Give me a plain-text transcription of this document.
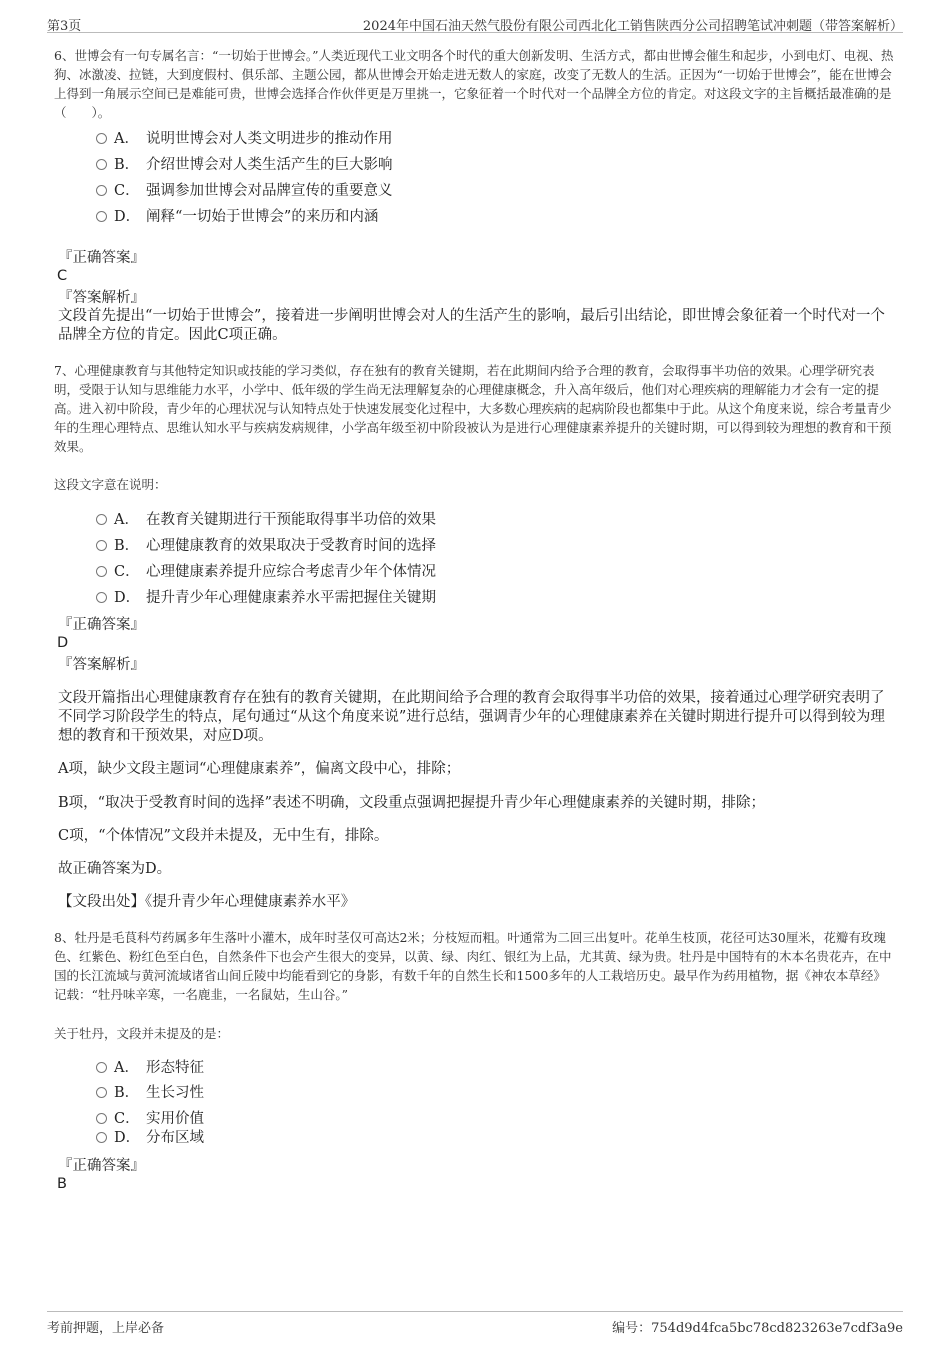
第3页	2024年中国石油天然气股份有限公司西北化工销售陕西分公司招聘笔试冲刺题（带答案解析）
6、世博会有一句专属名言：“一切始于世博会。”人类近现代工业文明各个时代的重大创新发明、生活方式，都由世博会催生和起步，小到电灯、电视、热狗、冰激凌、拉链，大到度假村、俱乐部、主题公园，都从世博会开始走进无数人的家庭，改变了无数人的生活。正因为“一切始于世博会”，能在世博会上得到一角展示空间已是难能可贵，世博会选择合作伙伴更是万里挑一，它象征着一个时代对一个品牌全方位的肯定。对这段文字的主旨概括最准确的是（　　）。
A． 说明世博会对人类文明进步的推动作用
B． 介绍世博会对人类生活产生的巨大影响
C． 强调参加世博会对品牌宣传的重要意义
D． 阐释“一切始于世博会”的来历和内涵
『正确答案』
C
『答案解析』
文段首先提出“一切始于世博会”，接着进一步阐明世博会对人的生活产生的影响，最后引出结论，即世博会象征着一个时代对一个品牌全方位的肯定。因此C项正确。
7、心理健康教育与其他特定知识或技能的学习类似，存在独有的教育关键期，若在此期间内给予合理的教育，会取得事半功倍的效果。心理学研究表明，受限于认知与思维能力水平，小学中、低年级的学生尚无法理解复杂的心理健康概念，升入高年级后，他们对心理疾病的理解能力才会有一定的提高。进入初中阶段，青少年的心理状况与认知特点处于快速发展变化过程中，大多数心理疾病的起病阶段也都集中于此。从这个角度来说，综合考量青少年的生理心理特点、思维认知水平与疾病发病规律，小学高年级至初中阶段被认为是进行心理健康素养提升的关键时期，可以得到较为理想的教育和干预效果。
这段文字意在说明：
A． 在教育关键期进行干预能取得事半功倍的效果
B． 心理健康教育的效果取决于受教育时间的选择
C． 心理健康素养提升应综合考虑青少年个体情况
D． 提升青少年心理健康素养水平需把握住关键期
『正确答案』
D
『答案解析』
文段开篇指出心理健康教育存在独有的教育关键期，在此期间给予合理的教育会取得事半功倍的效果，接着通过心理学研究表明了不同学习阶段学生的特点，尾句通过“从这个角度来说”进行总结，强调青少年的心理健康素养在关键时期进行提升可以得到较为理想的教育和干预效果，对应D项。
A项，缺少文段主题词“心理健康素养”，偏离文段中心，排除；
B项，“取决于受教育时间的选择”表述不明确，文段重点强调把握提升青少年心理健康素养的关键时期，排除；
C项，“个体情况”文段并未提及，无中生有，排除。
故正确答案为D。
【文段出处】《提升青少年心理健康素养水平》
8、牡丹是毛茛科芍药属多年生落叶小灌木，成年时茎仅可高达2米；分枝短而粗。叶通常为二回三出复叶。花单生枝顶，花径可达30厘米，花瓣有玫瑰色、红紫色、粉红色至白色，自然条件下也会产生很大的变异，以黄、绿、肉红、银红为上品，尤其黄、绿为贵。牡丹是中国特有的木本名贵花卉，在中国的长江流域与黄河流域诸省山间丘陵中均能看到它的身影，有数千年的自然生长和1500多年的人工栽培历史。最早作为药用植物，据《神农本草经》记载：“牡丹味辛寒，一名鹿韭，一名鼠姑，生山谷。”
关于牡丹，文段并未提及的是：
A． 形态特征
B． 生长习性
C． 实用价值
D． 分布区域
『正确答案』
B
考前押题，上岸必备	编号：754d9d4fca5bc78cd823263e7cdf3a9e
